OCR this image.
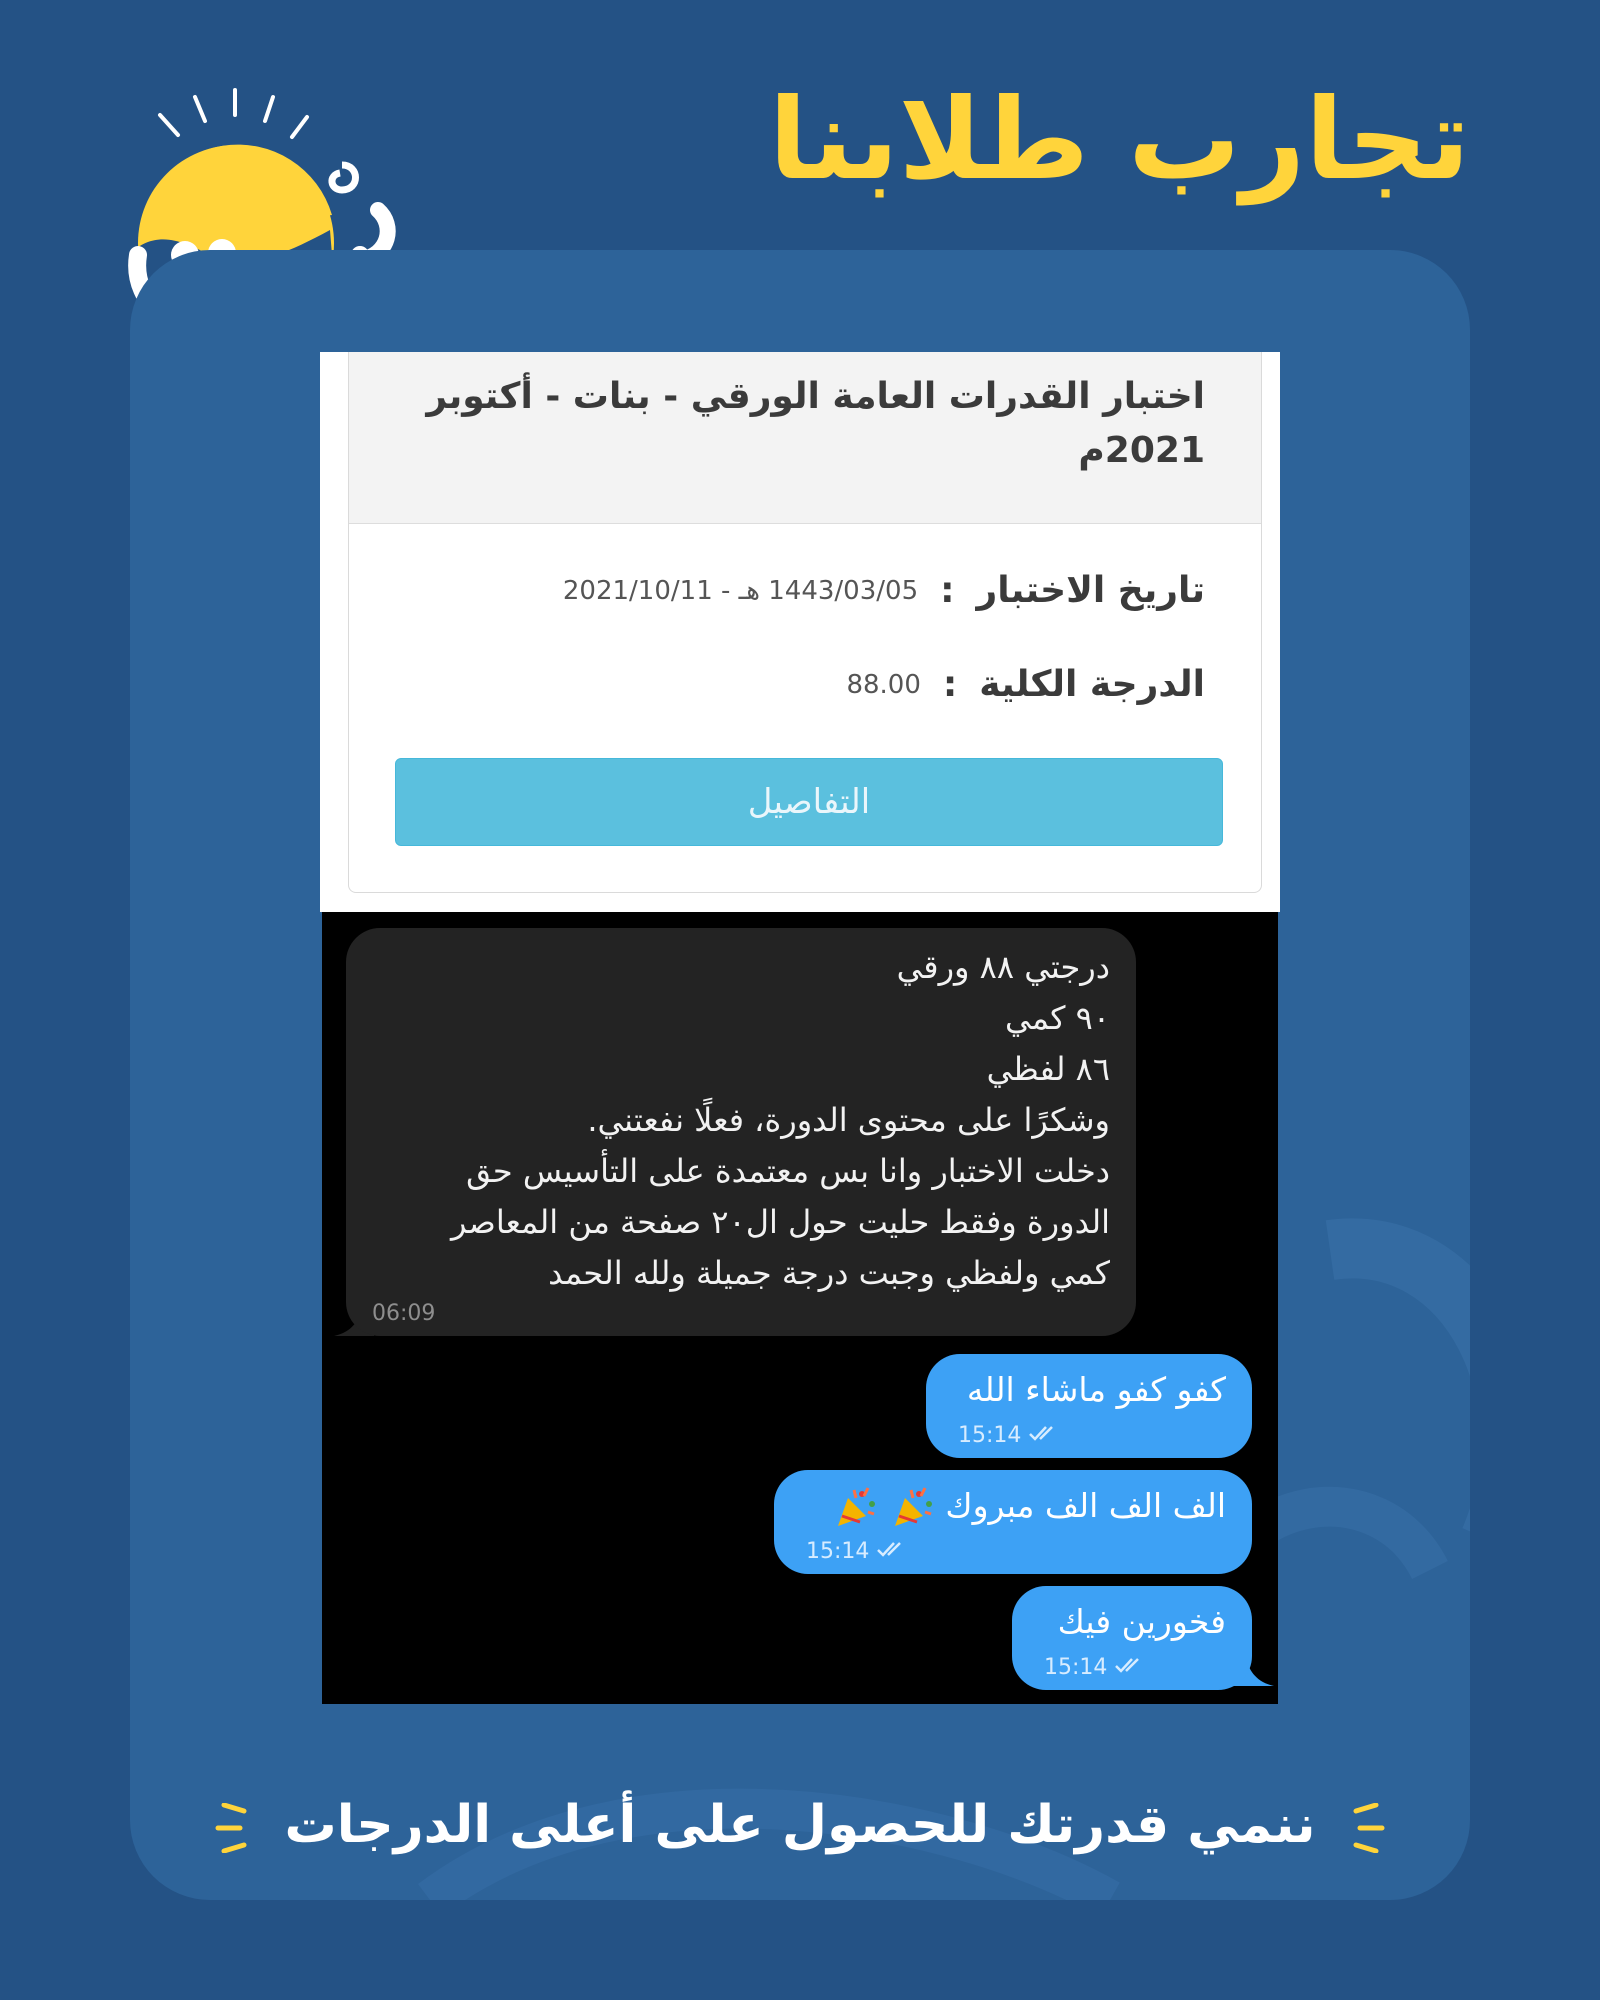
تجارب طلابنا
اختبار القدرات العامة الورقي - بنات - أكتوبر
2021م
تاريخ الاختبار
:
1443/03/05 هـ - 2021/10/11
الدرجة الكلية
:
88.00
التفاصيل
درجتي ٨٨ ورقي
٩٠ كمي
٨٦ لفظي
وشكرًا على محتوى الدورة، فعلًا نفعتني.
دخلت الاختبار وانا بس معتمدة على التأسيس حق
الدورة وفقط حليت حول ال٢٠ صفحة من المعاصر
كمي ولفظي وجبت درجة جميلة ولله الحمد
06:09
كفو كفو ماشاء الله
15:14
الف الف الف مبروك
15:14
فخورين فيك
15:14
ننمي قدرتك للحصول على أعلى الدرجات
